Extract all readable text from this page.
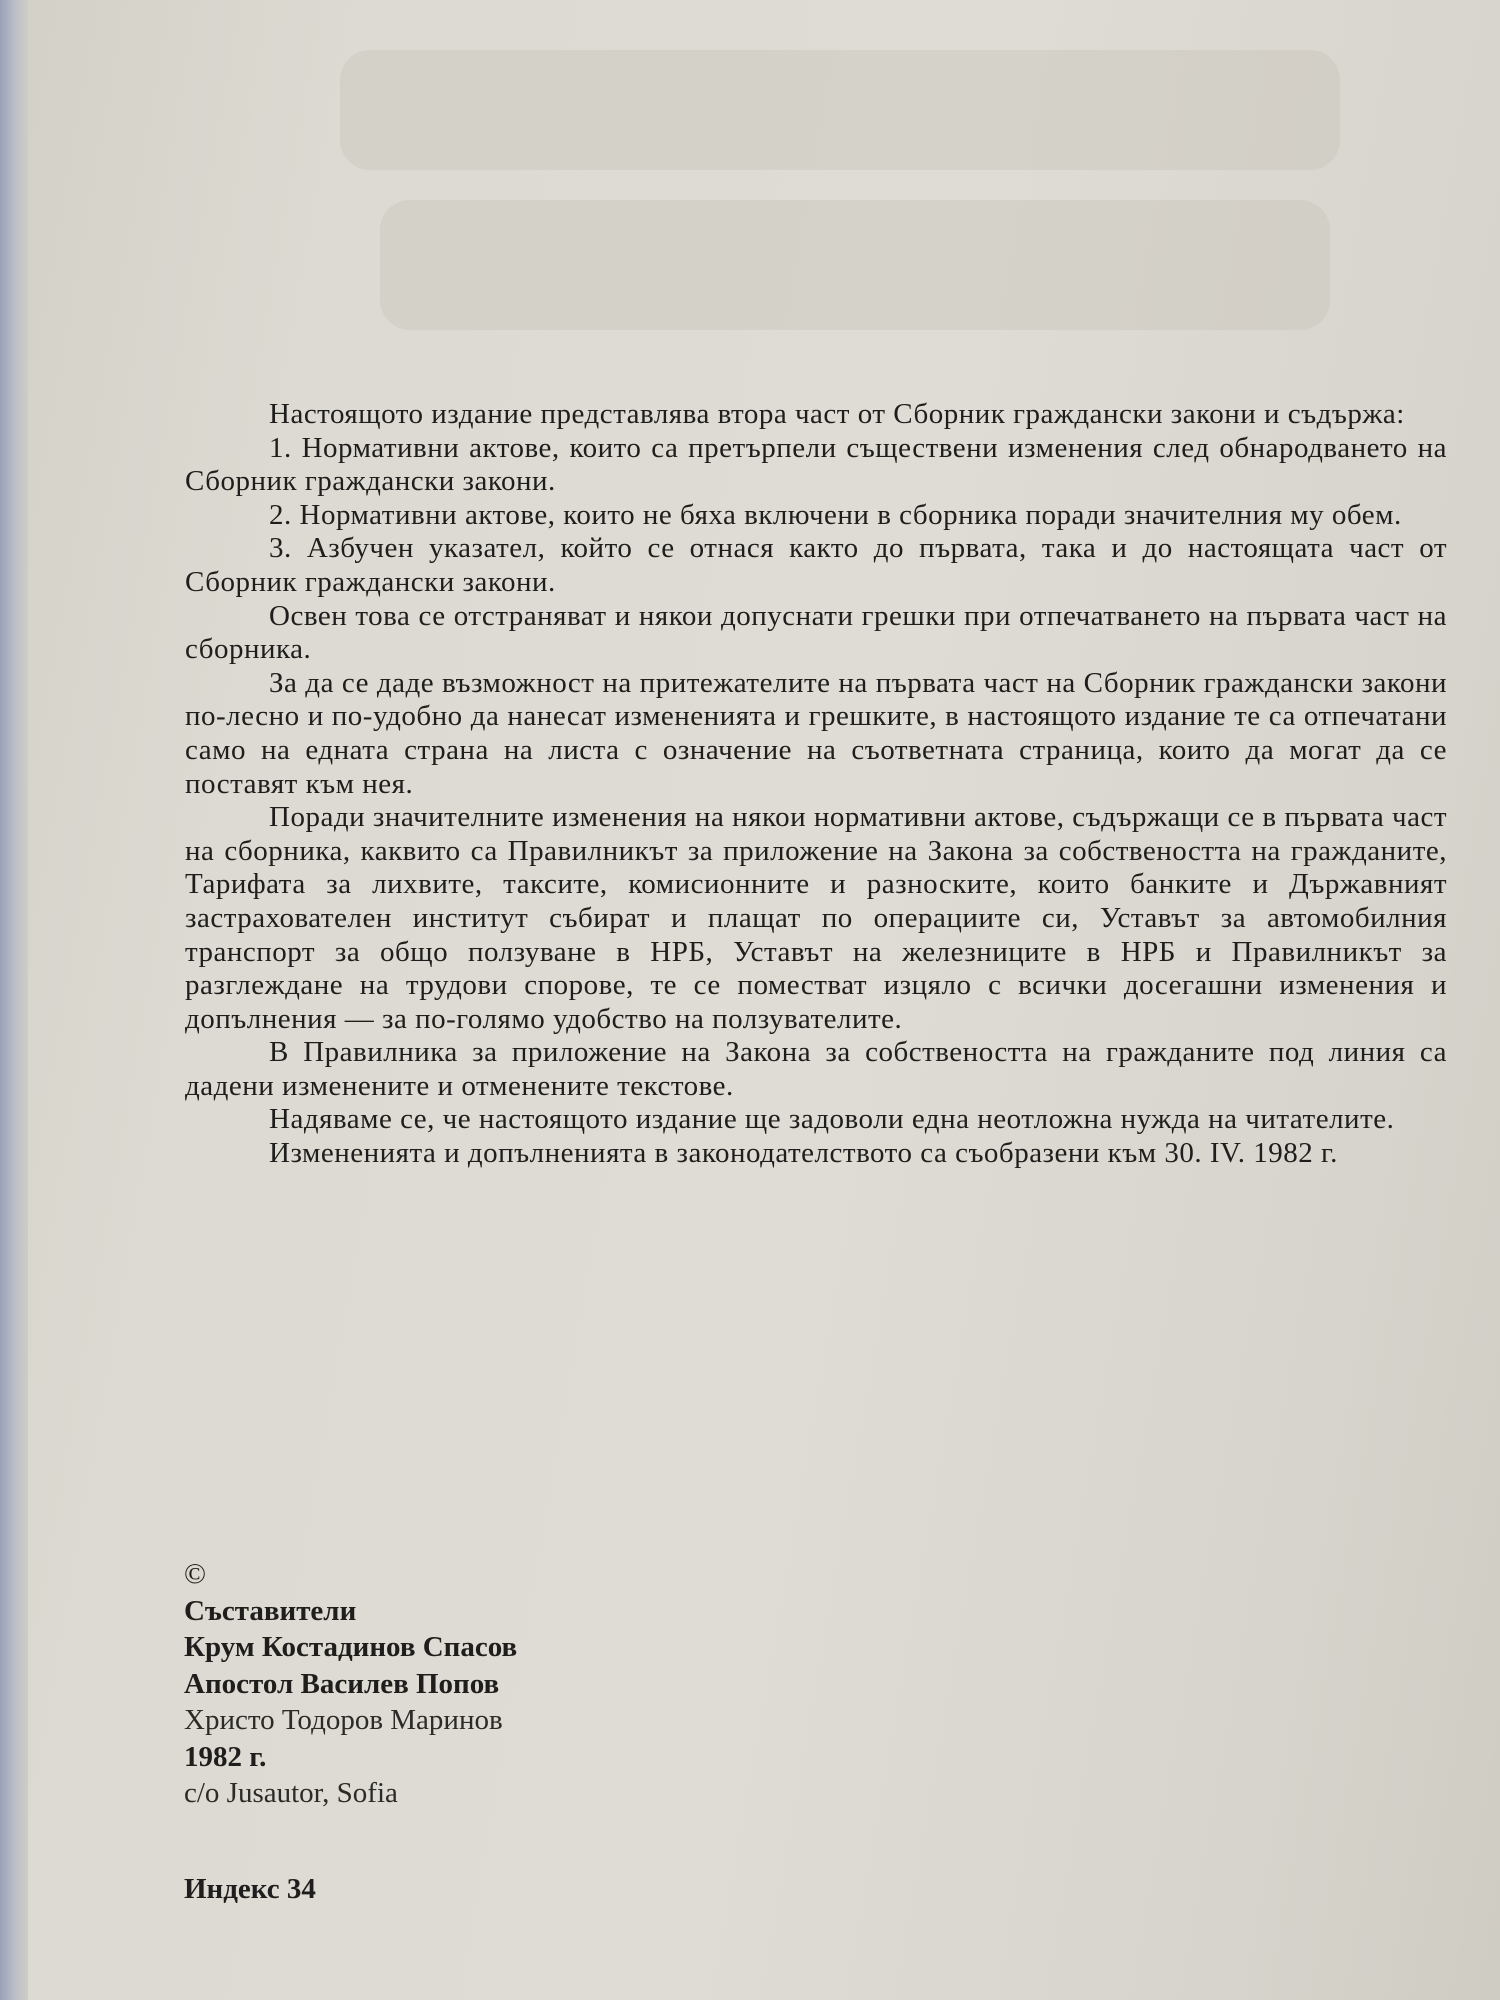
Настоящото издание представлява втора част от Сборник граждански закони и съдържа:

1. Нормативни актове, които са претърпели съществени изменения след обнародването на Сборник граждански закони.

2. Нормативни актове, които не бяха включени в сборника поради значителния му обем.

3. Азбучен указател, който се отнася както до първата, така и до настоящата част от Сборник граждански закони.

Освен това се отстраняват и някои допуснати грешки при отпечатването на първата част на сборника.

За да се даде възможност на притежателите на първата част на Сборник граждански закони по-лесно и по-удобно да нанесат измененията и грешките, в настоящото издание те са отпечатани само на едната страна на листа с означение на съответната страница, които да могат да се поставят към нея.

Поради значителните изменения на някои нормативни актове, съдържащи се в първата част на сборника, каквито са Правилникът за приложение на Закона за собствеността на гражданите, Тарифата за лихвите, таксите, комисионните и разноските, които банките и Държавният застрахователен институт събират и плащат по операциите си, Уставът за автомобилния транспорт за общо ползуване в НРБ, Уставът на железниците в НРБ и Правилникът за разглеждане на трудови спорове, те се поместват изцяло с всички досегашни изменения и допълнения — за по-голямо удобство на ползувателите.

В Правилника за приложение на Закона за собствеността на гражданите под линия са дадени изменените и отменените текстове.

Надяваме се, че настоящото издание ще задоволи една неотложна нужда на читателите.

Измененията и допълненията в законодателството са съобразени към 30. IV. 1982 г.

©
Съставители
Крум Костадинов Спасов
Апостол Василев Попов
Христо Тодоров Маринов
1982 г.
c/o Jusautor, Sofia
Индекс 34
